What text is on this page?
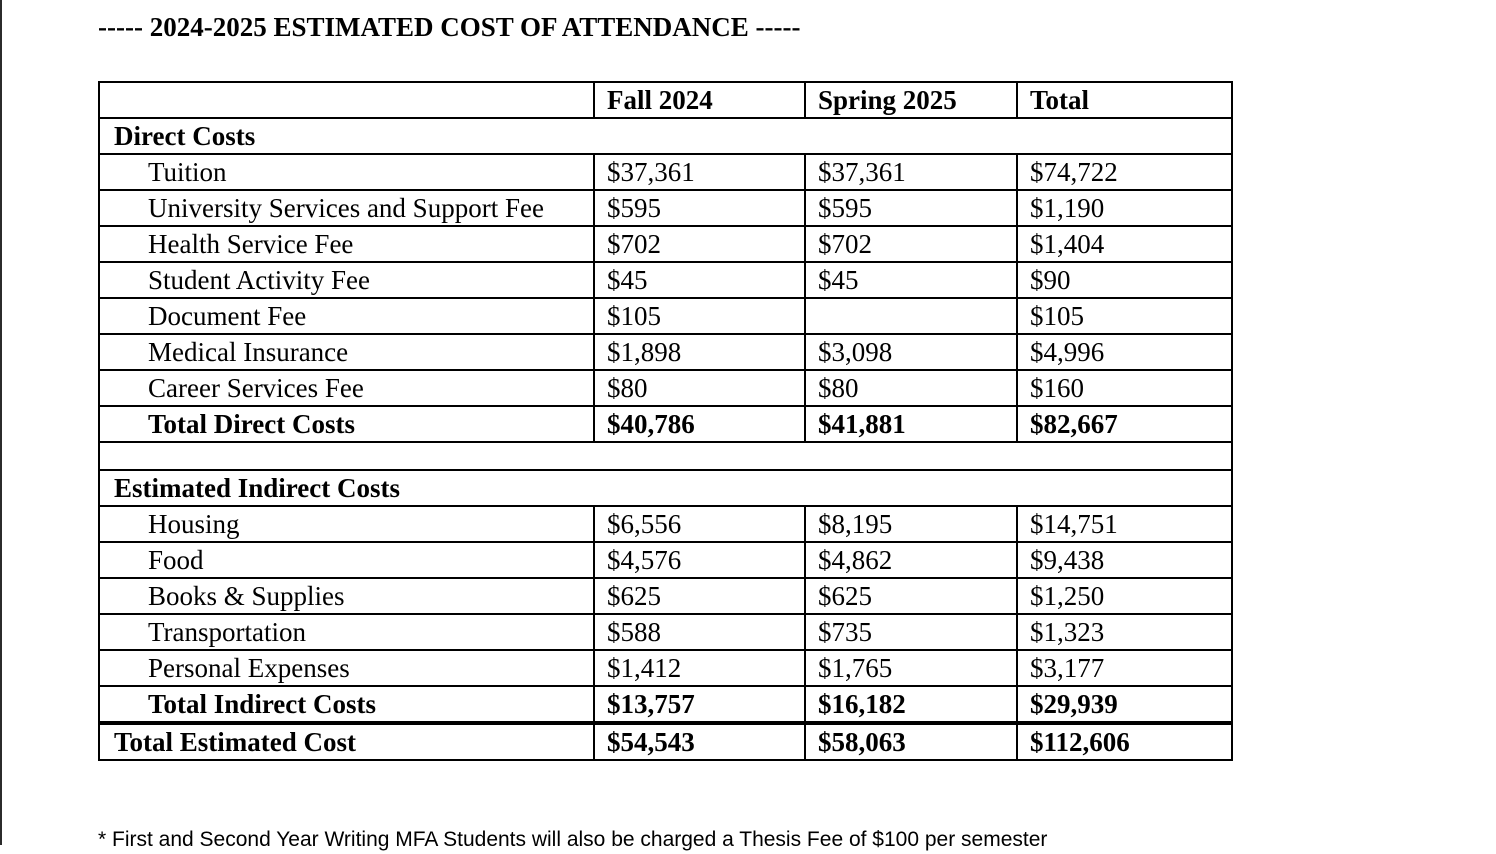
----- 2024-2025 ESTIMATED COST OF ATTENDANCE -----
	Fall 2024	Spring 2025	Total
Direct Costs			
Tuition	$37,361	$37,361	$74,722
University Services and Support Fee	$595	$595	$1,190
Health Service Fee	$702	$702	$1,404
Student Activity Fee	$45	$45	$90
Document Fee	$105		$105
Medical Insurance	$1,898	$3,098	$4,996
Career Services Fee	$80	$80	$160
Total Direct Costs	$40,786	$41,881	$82,667

Estimated Indirect Costs			
Housing	$6,556	$8,195	$14,751
Food	$4,576	$4,862	$9,438
Books & Supplies	$625	$625	$1,250
Transportation	$588	$735	$1,323
Personal Expenses	$1,412	$1,765	$3,177
Total Indirect Costs	$13,757	$16,182	$29,939
Total Estimated Cost	$54,543	$58,063	$112,606

* First and Second Year Writing MFA Students will also be charged a Thesis Fee of $100 per semester
